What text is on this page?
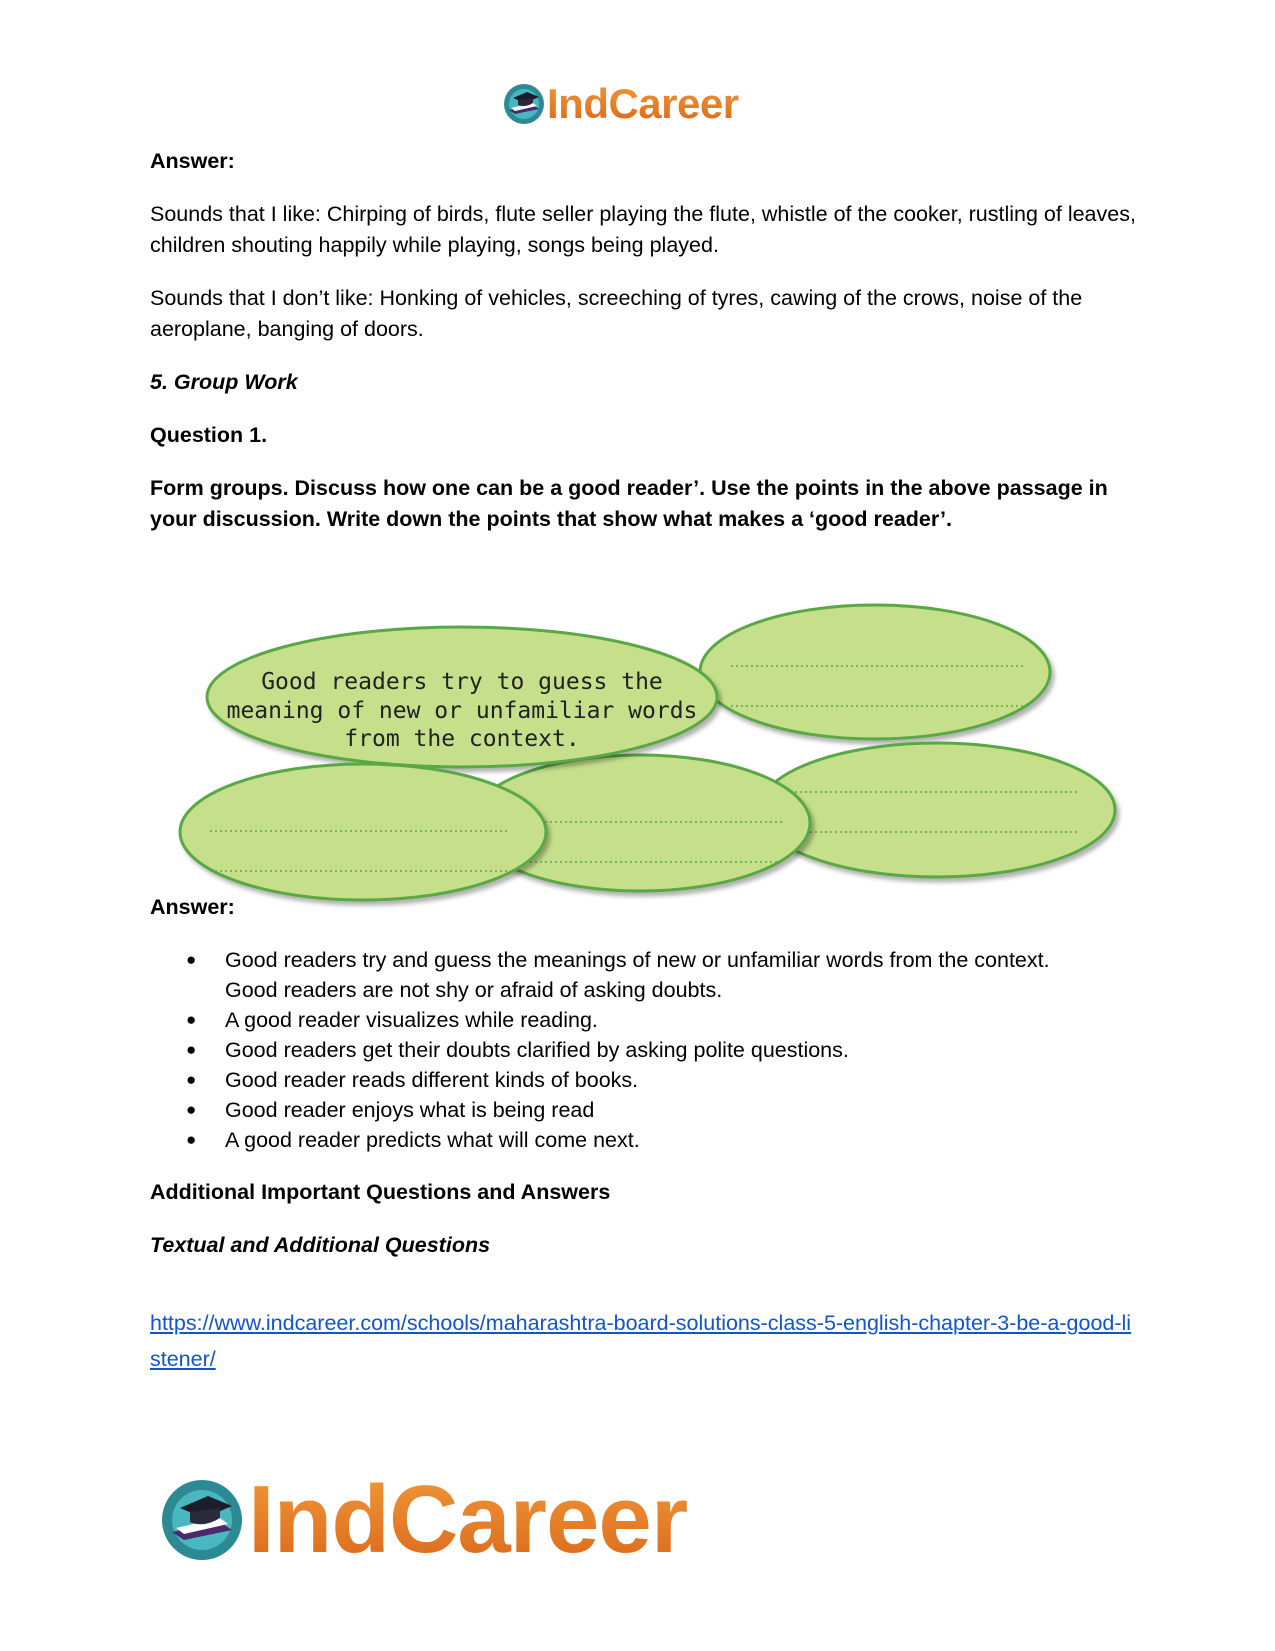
IndCareer

Answer:

Sounds that I like: Chirping of birds, flute seller playing the flute, whistle of the cooker, rustling of leaves, children shouting happily while playing, songs being played.

Sounds that I don’t like: Honking of vehicles, screeching of tyres, cawing of the crows, noise of the aeroplane, banging of doors.

5. Group Work

Question 1.

Form groups. Discuss how one can be a good reader’. Use the points in the above passage in your discussion. Write down the points that show what makes a ‘good reader’.

Answer:

● Good readers try and guess the meanings of new or unfamiliar words from the context.
Good readers are not shy or afraid of asking doubts.
● A good reader visualizes while reading.
● Good readers get their doubts clarified by asking polite questions.
● Good reader reads different kinds of books.
● Good reader enjoys what is being read
● A good reader predicts what will come next.

Additional Important Questions and Answers

Textual and Additional Questions

https://www.indcareer.com/schools/maharashtra-board-solutions-class-5-english-chapter-3-be-a-good-listener/

Good readers try to guess the
meaning of new or unfamiliar words
from the context.
IndCareer
